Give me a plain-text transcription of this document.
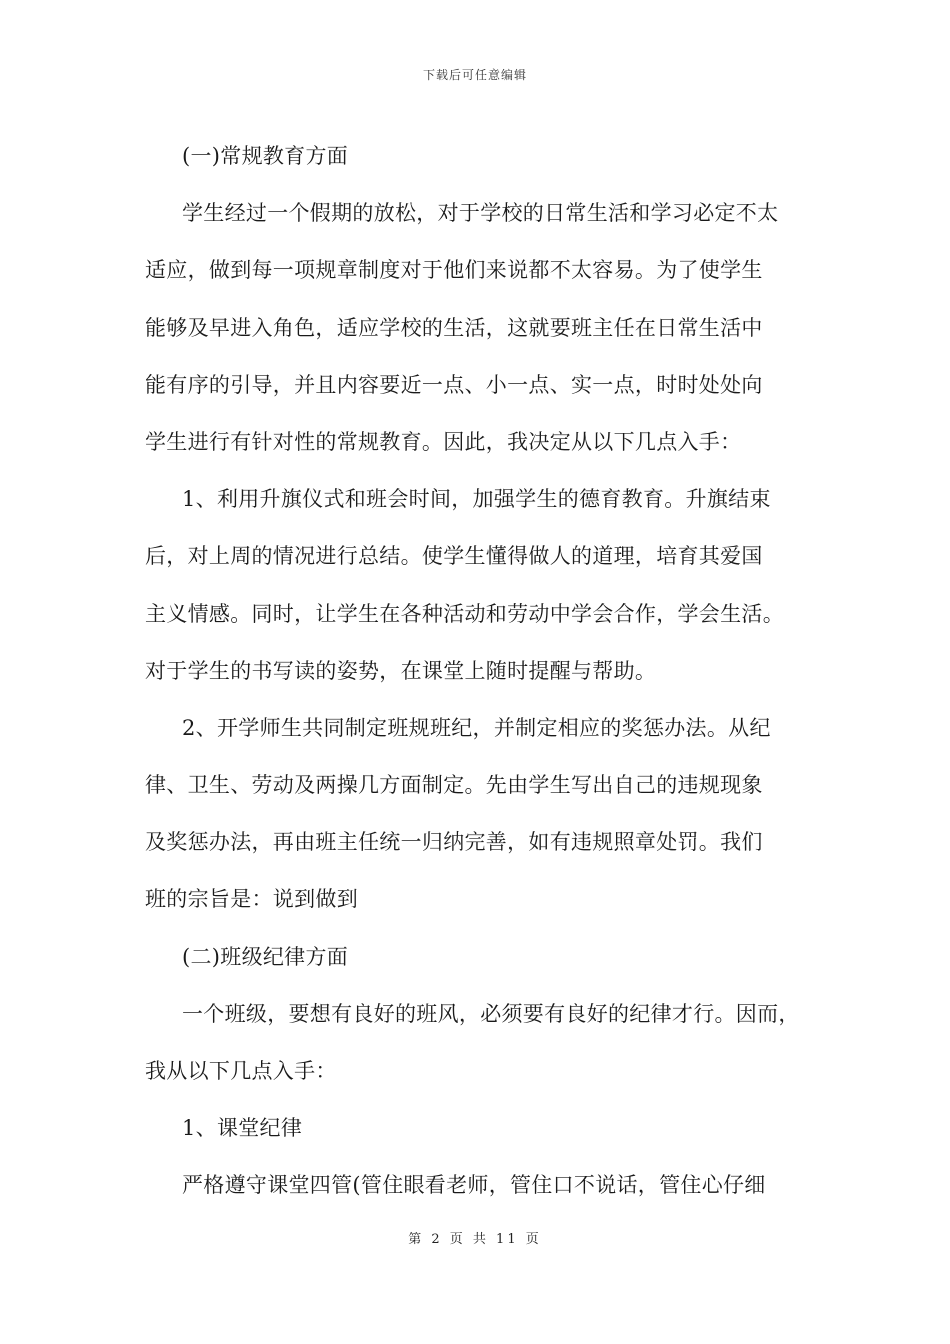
下载后可任意编辑
(一)常规教育方面
学生经过一个假期的放松，对于学校的日常生活和学习必定不太
适应，做到每一项规章制度对于他们来说都不太容易。为了使学生
能够及早进入角色，适应学校的生活，这就要班主任在日常生活中
能有序的引导，并且内容要近一点、小一点、实一点，时时处处向
学生进行有针对性的常规教育。因此，我决定从以下几点入手：
1、利用升旗仪式和班会时间，加强学生的德育教育。升旗结束
后，对上周的情况进行总结。使学生懂得做人的道理，培育其爱国
主义情感。同时，让学生在各种活动和劳动中学会合作，学会生活。
对于学生的书写读的姿势，在课堂上随时提醒与帮助。
2、开学师生共同制定班规班纪，并制定相应的奖惩办法。从纪
律、卫生、劳动及两操几方面制定。先由学生写出自己的违规现象
及奖惩办法，再由班主任统一归纳完善，如有违规照章处罚。我们
班的宗旨是：说到做到
(二)班级纪律方面
一个班级，要想有良好的班风，必须要有良好的纪律才行。因而，
我从以下几点入手：
1、课堂纪律
严格遵守课堂四管(管住眼看老师，管住口不说话，管住心仔细
第 2 页 共 11 页
